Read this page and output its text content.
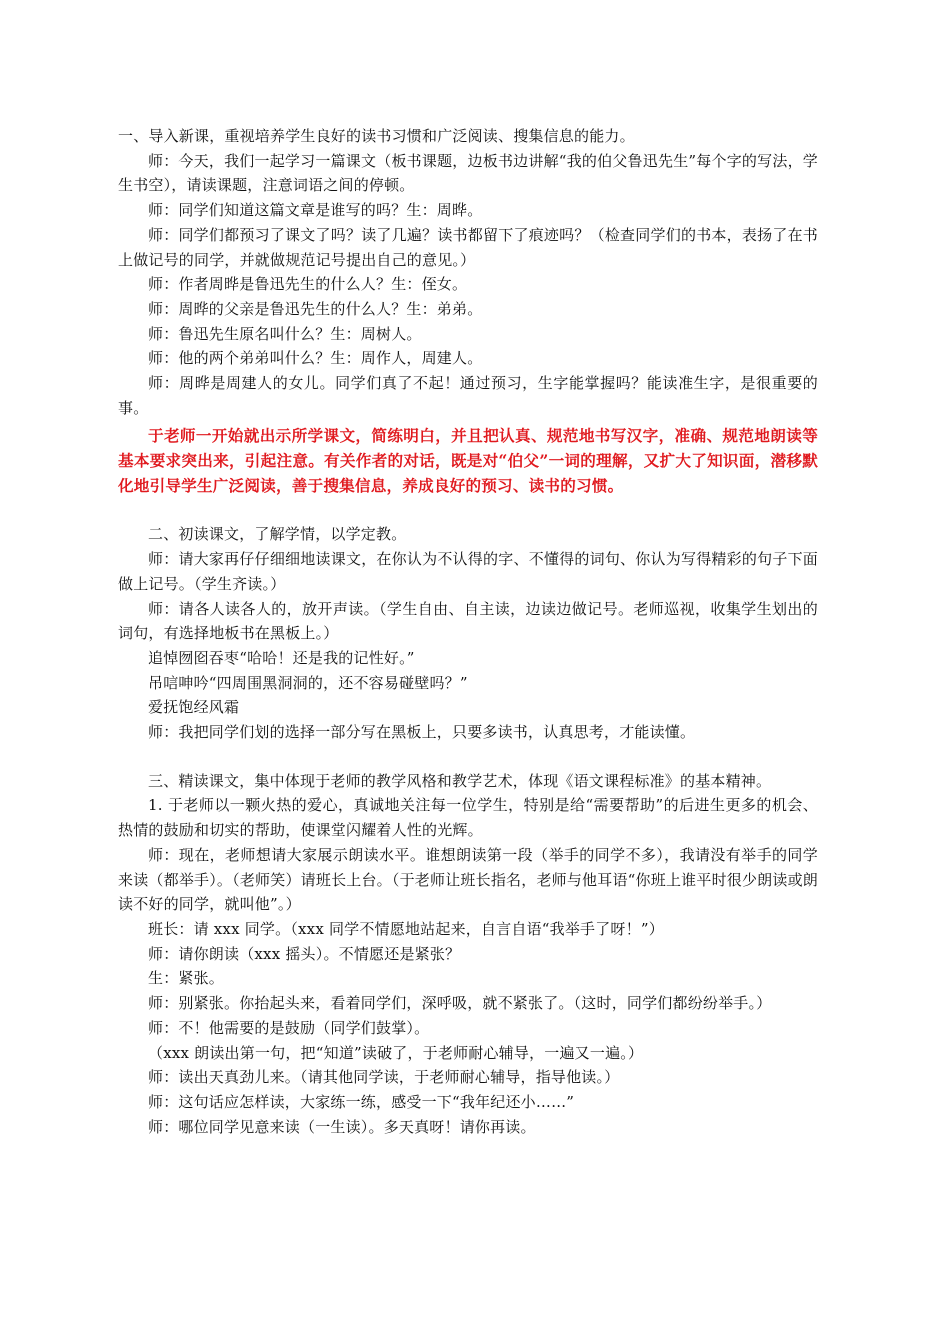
一、导入新课，重视培养学生良好的读书习惯和广泛阅读、搜集信息的能力。

师：今天，我们一起学习一篇课文（板书课题，边板书边讲解“我的伯父鲁迅先生”每个字的写法，学生书空），请读课题，注意词语之间的停顿。

师：同学们知道这篇文章是谁写的吗？生：周晔。

师：同学们都预习了课文了吗？读了几遍？读书都留下了痕迹吗？（检查同学们的书本，表扬了在书上做记号的同学，并就做规范记号提出自己的意见。）

师：作者周晔是鲁迅先生的什么人？生：侄女。

师：周晔的父亲是鲁迅先生的什么人？生：弟弟。

师：鲁迅先生原名叫什么？生：周树人。

师：他的两个弟弟叫什么？生：周作人，周建人。

师：周晔是周建人的女儿。同学们真了不起！通过预习，生字能掌握吗？能读准生字，是很重要的事。

于老师一开始就出示所学课文，简练明白，并且把认真、规范地书写汉字，准确、规范地朗读等基本要求突出来，引起注意。有关作者的对话，既是对“伯父”一词的理解，又扩大了知识面，潜移默化地引导学生广泛阅读，善于搜集信息，养成良好的预习、读书的习惯。

二、初读课文，了解学情，以学定教。

师：请大家再仔仔细细地读课文，在你认为不认得的字、不懂得的词句、你认为写得精彩的句子下面做上记号。（学生齐读。）

师：请各人读各人的，放开声读。（学生自由、自主读，边读边做记号。老师巡视，收集学生划出的词句，有选择地板书在黑板上。）

追悼囫囵吞枣“哈哈！还是我的记性好。”

吊唁呻吟“四周围黑洞洞的，还不容易碰壁吗？”

爱抚饱经风霜

师：我把同学们划的选择一部分写在黑板上，只要多读书，认真思考，才能读懂。

三、精读课文，集中体现于老师的教学风格和教学艺术，体现《语文课程标准》的基本精神。

1. 于老师以一颗火热的爱心，真诚地关注每一位学生，特别是给“需要帮助”的后进生更多的机会、热情的鼓励和切实的帮助，使课堂闪耀着人性的光辉。

师：现在，老师想请大家展示朗读水平。谁想朗读第一段（举手的同学不多），我请没有举手的同学来读（都举手）。（老师笑）请班长上台。（于老师让班长指名，老师与他耳语“你班上谁平时很少朗读或朗读不好的同学，就叫他”。）

班长：请 xxx 同学。（xxx 同学不情愿地站起来，自言自语“我举手了呀！”）

师：请你朗读（xxx 摇头）。不情愿还是紧张？

生：紧张。

师：别紧张。你抬起头来，看着同学们，深呼吸，就不紧张了。（这时，同学们都纷纷举手。）

师：不！他需要的是鼓励（同学们鼓掌）。

（xxx 朗读出第一句，把“知道”读破了，于老师耐心辅导，一遍又一遍。）

师：读出天真劲儿来。（请其他同学读，于老师耐心辅导，指导他读。）

师：这句话应怎样读，大家练一练，感受一下“我年纪还小……”

师：哪位同学见意来读（一生读）。多天真呀！请你再读。
